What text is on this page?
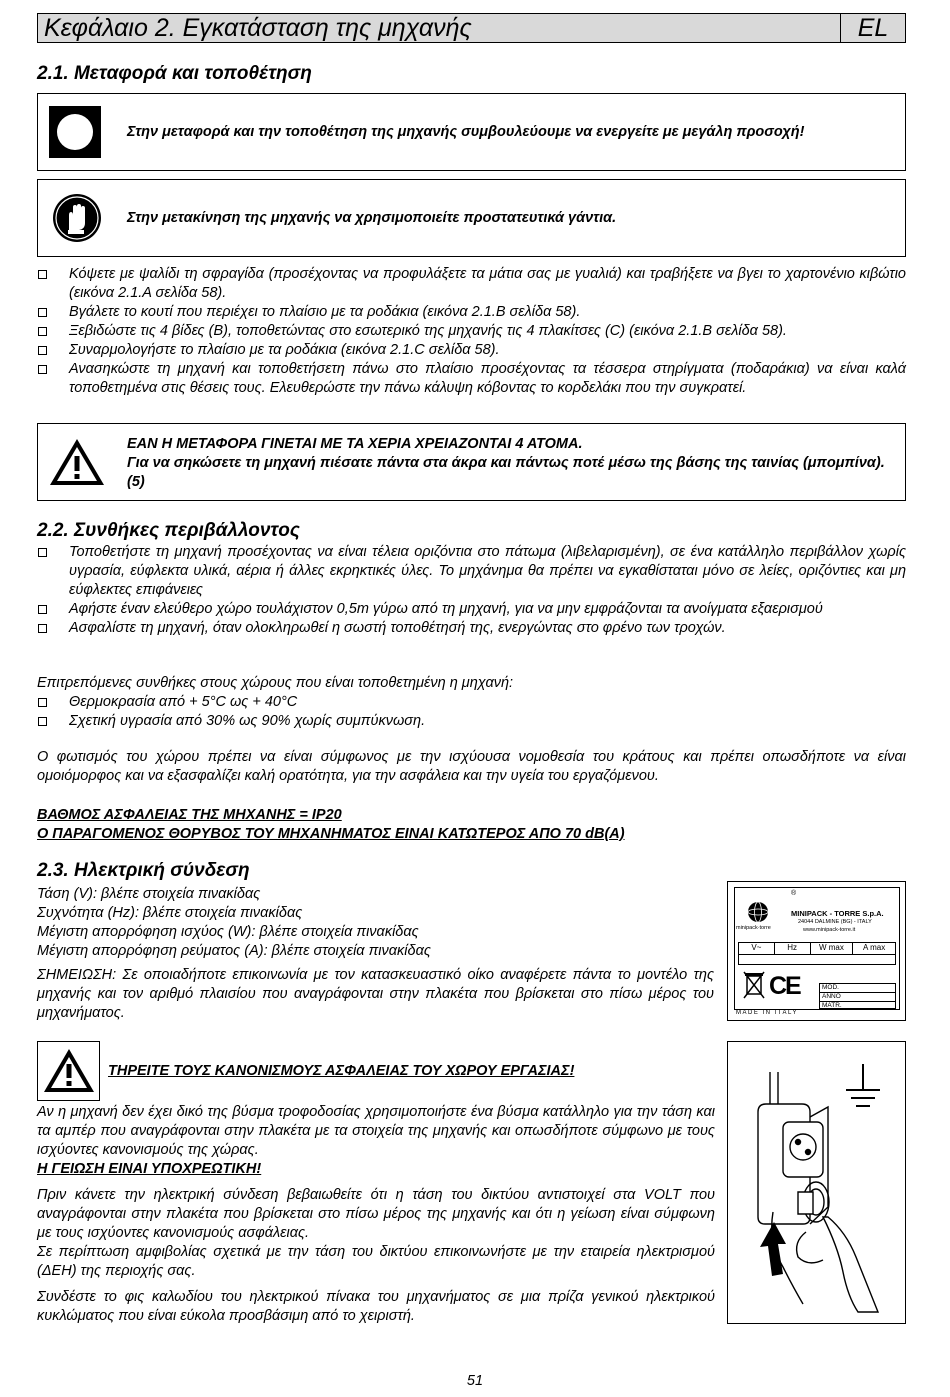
Κεφάλαιο 2. Εγκατάσταση της μηχανής	EL
2.1. Μεταφορά και τοποθέτηση
Στην μεταφορά και την τοποθέτηση της μηχανής συμβουλεύουμε να ενεργείτε με μεγάλη προσοχή!
Στην μετακίνηση της μηχανής να χρησιμοποιείτε προστατευτικά γάντια.
Κόψετε με ψαλίδι τη σφραγίδα (προσέχοντας να προφυλάξετε τα μάτια σας με γυαλιά) και τραβήξετε να βγει το χαρτονένιο κιβώτιο (εικόνα 2.1.A σελίδα 58).
Βγάλετε το κουτί που περιέχει το πλαίσιο με τα ροδάκια (εικόνα 2.1.B σελίδα 58).
Ξεβιδώστε τις 4 βίδες (B), τοποθετώντας στο εσωτερικό της μηχανής τις 4 πλακίτσες (C) (εικόνα 2.1.B σελίδα 58).
Συναρμολογήστε το πλαίσιο με τα ροδάκια (εικόνα 2.1.C σελίδα 58).
Ανασηκώστε τη μηχανή και τοποθετήσετη πάνω στο πλαίσιο προσέχοντας τα τέσσερα στηρίγματα (ποδαράκια) να είναι καλά τοποθετημένα στις θέσεις τους. Ελευθερώστε την πάνω κάλυψη κόβοντας το κορδελάκι που την συγκρατεί.
ΕΑΝ Η ΜΕΤΑΦΟΡΑ ΓΙΝΕΤΑΙ ΜΕ ΤΑ ΧΕΡΙΑ ΧΡΕΙΑΖΟΝΤΑΙ 4 ΑΤΟΜΑ.
Για να σηκώσετε τη μηχανή πιέσατε πάντα στα άκρα και πάντως ποτέ μέσω της βάσης της ταινίας (μπομπίνα). (5)
2.2. Συνθήκες περιβάλλοντος
Τοποθετήστε τη μηχανή προσέχοντας να είναι τέλεια οριζόντια στο πάτωμα (λιβελαρισμένη), σε ένα κατάλληλο περιβάλλον χωρίς υγρασία, εύφλεκτα υλικά, αέρια ή άλλες εκρηκτικές ύλες. Το μηχάνημα θα πρέπει να εγκαθίσταται μόνο σε λείες, οριζόντιες και μη εύφλεκτες επιφάνειες
Αφήστε έναν ελεύθερο χώρο τουλάχιστον 0,5m γύρω από τη μηχανή, για να μην εμφράζονται τα ανοίγματα εξαερισμού
Ασφαλίστε τη μηχανή, όταν ολοκληρωθεί η σωστή τοποθέτησή της, ενεργώντας στο φρένο των τροχών.
Επιτρεπόμενες συνθήκες στους χώρους που είναι τοποθετημένη η μηχανή:
Θερμοκρασία από + 5°C ως + 40°C
Σχετική υγρασία από 30% ως 90% χωρίς συμπύκνωση.
Ο φωτισμός του χώρου πρέπει να είναι σύμφωνος με την ισχύουσα νομοθεσία του κράτους και πρέπει οπωσδήποτε να είναι ομοιόμορφος και να εξασφαλίζει καλή ορατότητα, για την ασφάλεια και την υγεία του εργαζόμενου.
ΒΑΘΜΟΣ ΑΣΦΑΛΕΙΑΣ ΤΗΣ ΜΗΧΑΝΗΣ = IP20
Ο ΠΑΡΑΓΟΜΕΝΟΣ ΘΟΡΥΒΟΣ ΤΟΥ ΜΗΧΑΝΗΜΑΤΟΣ ΕΙΝΑΙ ΚΑΤΩΤΕΡΟΣ ΑΠΟ 70 dB(A)
2.3. Ηλεκτρική σύνδεση
Τάση (V): βλέπε στοιχεία πινακίδας
Συχνότητα (Hz): βλέπε στοιχεία πινακίδας
Μέγιστη απορρόφηση ισχύος (W): βλέπε στοιχεία πινακίδας
Μέγιστη απορρόφηση ρεύματος (A): βλέπε στοιχεία πινακίδας
ΣΗΜΕΙΩΣΗ: Σε οποιαδήποτε επικοινωνία με τον κατασκευαστικό οίκο αναφέρετε πάντα το μοντέλο της μηχανής και τον αριθμό πλαισίου που αναγράφονται στην πλακέτα που βρίσκεται στο πίσω μέρος του μηχανήματος.
®
minipack·torre
MINIPACK - TORRE S.p.A.
24044 DALMINE (BG) - ITALY
www.minipack-torre.it
V~	Hz	W max	A max
CE	MOD.
ANNO
MATR.
MADE IN ITALY
ΤΗΡΕΙΤΕ ΤΟΥΣ ΚΑΝΟΝΙΣΜΟΥΣ ΑΣΦΑΛΕΙΑΣ ΤΟΥ ΧΩΡΟΥ ΕΡΓΑΣΙΑΣ!
Αν η μηχανή δεν έχει δικό της βύσμα τροφοδοσίας χρησιμοποιήστε ένα βύσμα κατάλληλο για την τάση και τα αμπέρ που αναγράφονται στην πλακέτα με τα στοιχεία της μηχανής και οπωσδήποτε σύμφωνο με τους ισχύοντες κανονισμούς της χώρας.
Η ΓΕΙΩΣΗ ΕΙΝΑΙ ΥΠΟΧΡΕΩΤΙΚΗ!
Πριν κάνετε την ηλεκτρική σύνδεση βεβαιωθείτε ότι η τάση του δικτύου αντιστοιχεί στα VOLT που αναγράφονται στην πλακέτα που βρίσκεται στο πίσω μέρος της μηχανής και ότι η γείωση είναι σύμφωνη με τους ισχύοντες κανονισμούς ασφάλειας.
Σε περίπτωση αμφιβολίας σχετικά με την τάση του δικτύου επικοινωνήστε με την εταιρεία ηλεκτρισμού (ΔΕΗ) της περιοχής σας.
Συνδέστε το φις καλωδίου του ηλεκτρικού πίνακα του μηχανήματος σε μια πρίζα γενικού ηλεκτρικού κυκλώματος που είναι εύκολα προσβάσιμη από το χειριστή.
51
